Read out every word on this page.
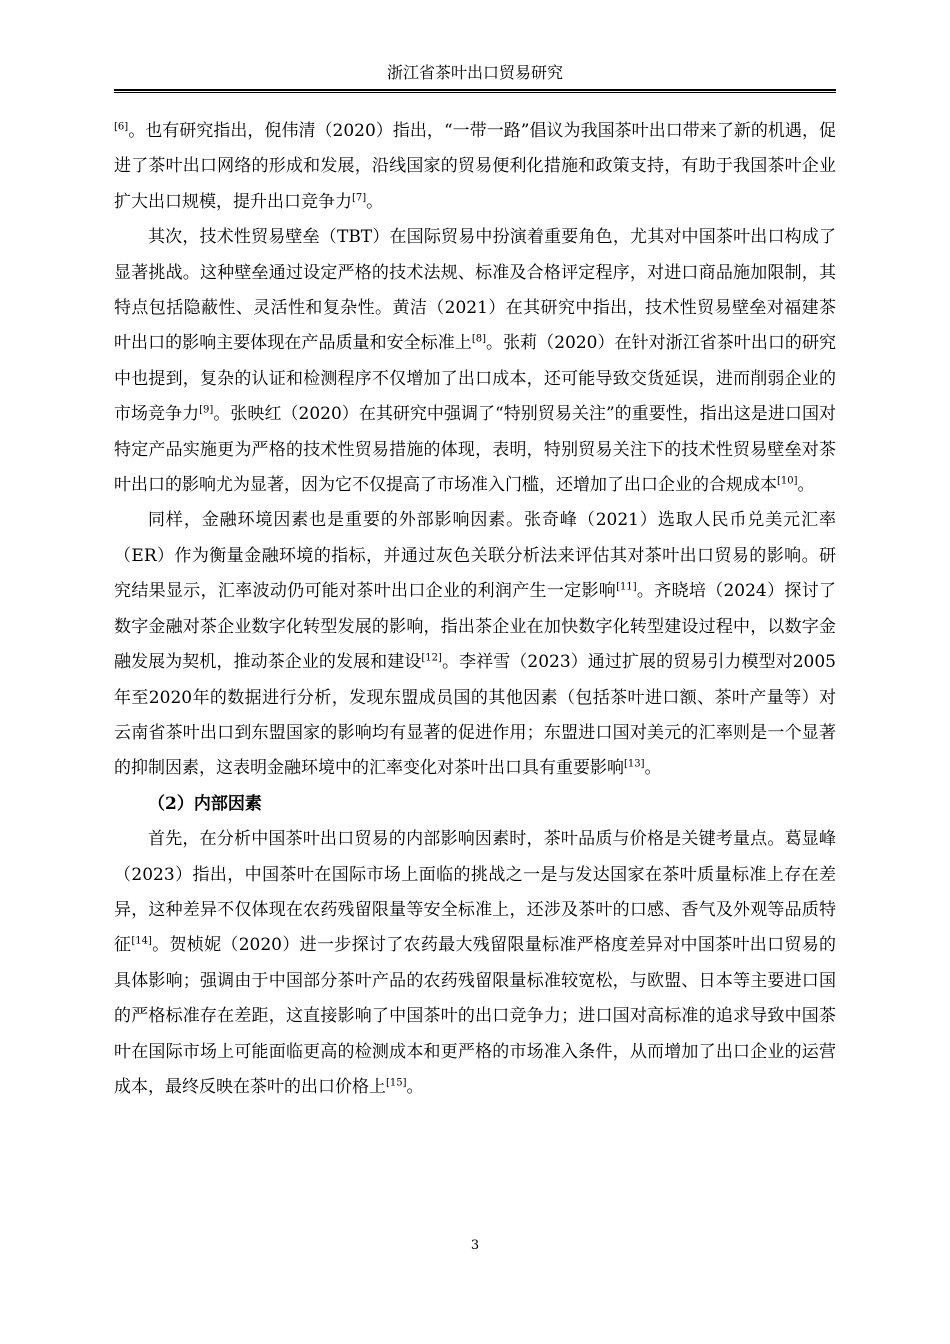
浙江省茶叶出口贸易研究

[6]。也有研究指出，倪伟清（2020）指出，“一带一路”倡议为我国茶叶出口带来了新的机遇，促进了茶叶出口网络的形成和发展，沿线国家的贸易便利化措施和政策支持，有助于我国茶叶企业扩大出口规模，提升出口竞争力[7]。

其次，技术性贸易壁垒（TBT）在国际贸易中扮演着重要角色，尤其对中国茶叶出口构成了显著挑战。这种壁垒通过设定严格的技术法规、标准及合格评定程序，对进口商品施加限制，其特点包括隐蔽性、灵活性和复杂性。黄洁（2021）在其研究中指出，技术性贸易壁垒对福建茶叶出口的影响主要体现在产品质量和安全标准上[8]。张莉（2020）在针对浙江省茶叶出口的研究中也提到，复杂的认证和检测程序不仅增加了出口成本，还可能导致交货延误，进而削弱企业的市场竞争力[9]。张映红（2020）在其研究中强调了“特别贸易关注”的重要性，指出这是进口国对特定产品实施更为严格的技术性贸易措施的体现，表明，特别贸易关注下的技术性贸易壁垒对茶叶出口的影响尤为显著，因为它不仅提高了市场准入门槛，还增加了出口企业的合规成本[10]。

同样，金融环境因素也是重要的外部影响因素。张奇峰（2021）选取人民币兑美元汇率（ER）作为衡量金融环境的指标，并通过灰色关联分析法来评估其对茶叶出口贸易的影响。研究结果显示，汇率波动仍可能对茶叶出口企业的利润产生一定影响[11]。齐晓培（2024）探讨了数字金融对茶企业数字化转型发展的影响，指出茶企业在加快数字化转型建设过程中，以数字金融发展为契机，推动茶企业的发展和建设[12]。李祥雪（2023）通过扩展的贸易引力模型对2005年至2020年的数据进行分析，发现东盟成员国的其他因素（包括茶叶进口额、茶叶产量等）对云南省茶叶出口到东盟国家的影响均有显著的促进作用；东盟进口国对美元的汇率则是一个显著的抑制因素，这表明金融环境中的汇率变化对茶叶出口具有重要影响[13]。

（2）内部因素

首先，在分析中国茶叶出口贸易的内部影响因素时，茶叶品质与价格是关键考量点。葛显峰（2023）指出，中国茶叶在国际市场上面临的挑战之一是与发达国家在茶叶质量标准上存在差异，这种差异不仅体现在农药残留限量等安全标准上，还涉及茶叶的口感、香气及外观等品质特征[14]。贺桢妮（2020）进一步探讨了农药最大残留限量标准严格度差异对中国茶叶出口贸易的具体影响；强调由于中国部分茶叶产品的农药残留限量标准较宽松，与欧盟、日本等主要进口国的严格标准存在差距，这直接影响了中国茶叶的出口竞争力；进口国对高标准的追求导致中国茶叶在国际市场上可能面临更高的检测成本和更严格的市场准入条件，从而增加了出口企业的运营成本，最终反映在茶叶的出口价格上[15]。

3
